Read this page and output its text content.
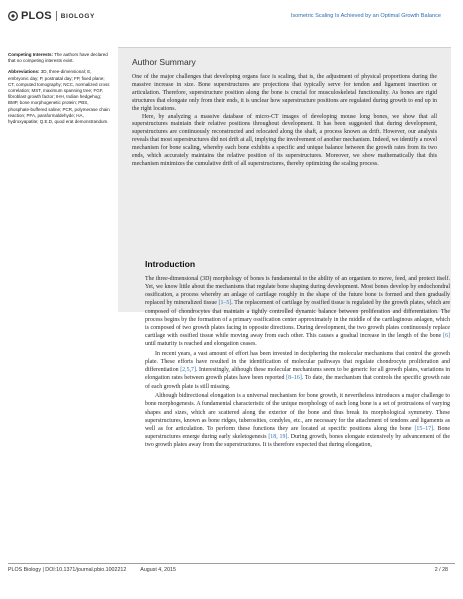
PLOS BIOLOGY	Isometric Scaling Is Achieved by an Optimal Growth Balance

Competing Interests: The authors have declared that no competing interests exist.

Abbreviations: 3D, three-dimensional; E, embryonic day; P, postnatal day; FP, fixed plane; CT, computed tomography; NCC, normalized cross correlation; MST, maximum spanning tree; FGF, fibroblast growth factor; IHH, Indian hedgehog; BMP, bone morphogenetic protein; PBS, phosphate-buffered saline; PCR, polymerase chain reaction; PFA, paraformaldehyde; HA, hydroxyapatite; Q.E.D, quod erat demonstrandum.

Author Summary

One of the major challenges that developing organs face is scaling, that is, the adjustment of physical proportions during the massive increase in size. Bone superstructures are projections that typically serve for tendon and ligament insertion or articulation. Therefore, superstructure position along the bone is crucial for musculoskeletal functionality. As bones are rigid structures that elongate only from their ends, it is unclear how superstructure positions are regulated during growth to end up in the right locations.

Here, by analyzing a massive database of micro-CT images of developing mouse long bones, we show that all superstructures maintain their relative positions throughout development. It has been suggested that during development, superstructures are continuously reconstructed and relocated along the shaft, a process known as drift. However, our analysis reveals that most superstructures did not drift at all, implying the involvement of another mechanism. Indeed, we identify a novel mechanism for bone scaling, whereby each bone exhibits a specific and unique balance between the growth rates from its two ends, which accurately maintains the relative position of its superstructures. Moreover, we show mathematically that this mechanism minimizes the cumulative drift of all superstructures, thereby optimizing the scaling process.

Introduction

The three-dimensional (3D) morphology of bones is fundamental to the ability of an organism to move, feed, and protect itself. Yet, we know little about the mechanisms that regulate bone shaping during development. Most bones develop by endochondral ossification, a process whereby an anlage of cartilage roughly in the shape of the future bone is formed and then gradually replaced by mineralized tissue [1–5]. The replacement of cartilage by ossified tissue is regulated by the growth plates, which are composed of chondrocytes that maintain a tightly controlled dynamic balance between proliferation and differentiation. The process begins by the formation of a primary ossification center approximately in the middle of the cartilaginous anlagen, which is composed of two growth plates facing in opposite directions. During development, the two growth plates continuously replace cartilage with ossified tissue while moving away from each other. This causes a gradual increase in the length of the bone [6] until maturity is reached and elongation ceases.

In recent years, a vast amount of effort has been invested in deciphering the molecular mechanisms that control the growth plate. These efforts have resulted in the identification of molecular pathways that regulate chondrocyte proliferation and differentiation [2,5,7]. Interestingly, although these molecular mechanisms seem to be generic for all growth plates, variations in elongation rates between growth plates have been reported [8–16]. To date, the mechanism that controls the specific growth rate of each growth plate is still missing.

Although bidirectional elongation is a universal mechanism for bone growth, it nevertheless introduces a major challenge to bone morphogenesis. A fundamental characteristic of the unique morphology of each long bone is a set of protrusions of varying shapes and sizes, which are scattered along the exterior of the bone and thus break its morphological symmetry. These superstructures, known as bone ridges, tuberosities, condyles, etc., are necessary for the attachment of tendons and ligaments as well as for articulation. To perform these functions they are located at specific positions along the bone [15–17]. Bone superstructures emerge during early skeletogenesis [18, 19]. During growth, bones elongate extensively by advancement of the two growth plates away from the superstructures. It is therefore expected that during elongation,

PLOS Biology | DOI:10.1371/journal.pbio.1002212	August 4, 2015	2 / 28
